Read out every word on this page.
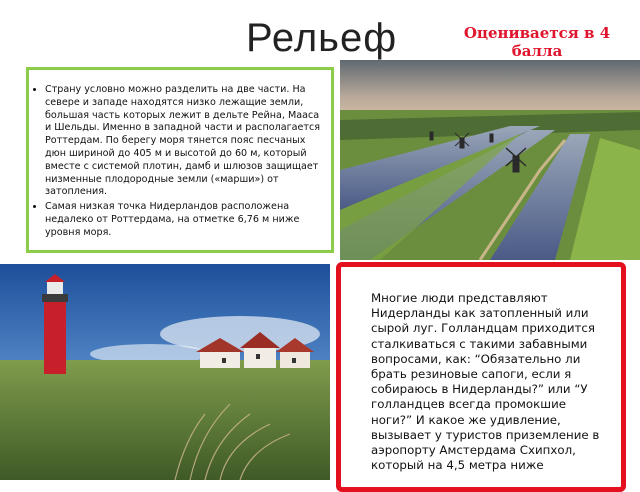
Рельеф	Оценивается в 4 балла
• Страну условно можно разделить на две части. На севере и западе находятся низко лежащие земли, большая часть которых лежит в дельте Рейна, Мааса и Шельды. Именно в западной части и располагается Роттердам. По берегу моря тянется пояс песчаных дюн шириной до 405 м и высотой до 60 м, который вместе с системой плотин, дамб и шлюзов защищает низменные плодородные земли («марши») от затопления.
• Самая низкая точка Нидерландов расположена недалеко от Роттердама, на отметке 6,76 м ниже уровня моря.
Многие люди представляют Нидерланды как затопленный или сырой луг. Голландцам приходится сталкиваться с такими забавными вопросами, как: “Обязательно ли брать резиновые сапоги, если я собираюсь в Нидерланды?” или “У голландцев всегда промокшие ноги?” И какое же удивление, вызывает у туристов приземление в аэропорту Амстердама Схипхол, который на 4,5 метра ниже
